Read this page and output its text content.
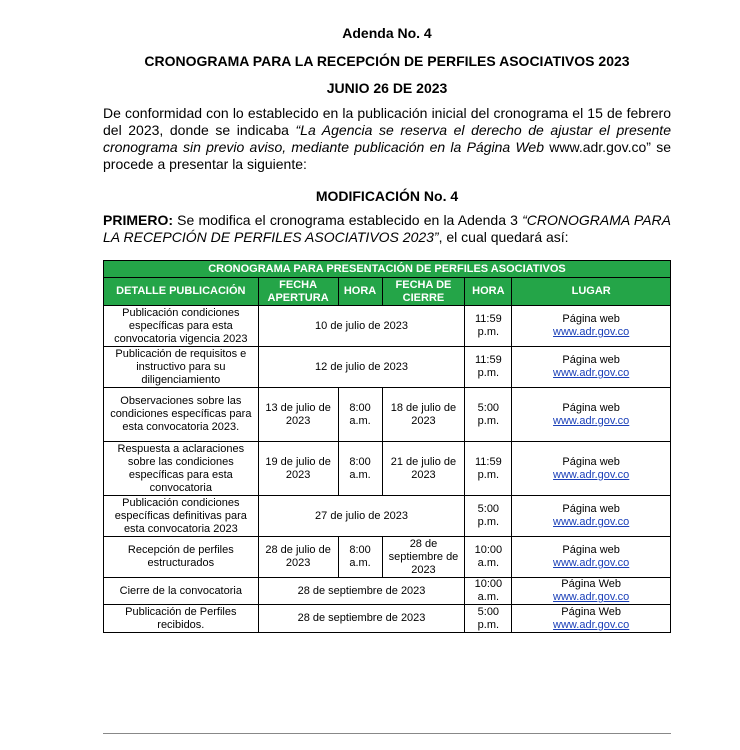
Adenda No. 4
CRONOGRAMA PARA LA RECEPCIÓN DE PERFILES ASOCIATIVOS 2023
JUNIO 26 DE 2023
De conformidad con lo establecido en la publicación inicial del cronograma el 15 de febrero del 2023, donde se indicaba “La Agencia se reserva el derecho de ajustar el presente cronograma sin previo aviso, mediante publicación en la Página Web www.adr.gov.co” se procede a presentar la siguiente:
MODIFICACIÓN No. 4
PRIMERO: Se modifica el cronograma establecido en la Adenda 3 “CRONOGRAMA PARA LA RECEPCIÓN DE PERFILES ASOCIATIVOS 2023”, el cual quedará así:
CRONOGRAMA PARA PRESENTACIÓN DE PERFILES ASOCIATIVOS					
DETALLE PUBLICACIÓN	FECHA APERTURA	HORA	FECHA DE CIERRE	HORA	LUGAR
Publicación condiciones específicas para esta convocatoria vigencia 2023	10 de julio de 2023			11:59 p.m.	Página web
www.adr.gov.co
Publicación de requisitos e instructivo para su diligenciamiento	12 de julio de 2023			11:59 p.m.	Página web
www.adr.gov.co
Observaciones sobre las condiciones específicas para esta convocatoria 2023.	13 de julio de 2023	8:00 a.m.	18 de julio de 2023	5:00 p.m.	Página web
www.adr.gov.co
Respuesta a aclaraciones sobre las condiciones específicas para esta convocatoria	19 de julio de 2023	8:00 a.m.	21 de julio de 2023	11:59 p.m.	Página web
www.adr.gov.co
Publicación condiciones específicas definitivas para esta convocatoria 2023	27 de julio de 2023			5:00 p.m.	Página web
www.adr.gov.co
Recepción de perfiles estructurados	28 de julio de 2023	8:00 a.m.	28 de septiembre de 2023	10:00 a.m.	Página web
www.adr.gov.co
Cierre de la convocatoria	28 de septiembre de 2023			10:00 a.m.	Página Web
www.adr.gov.co
Publicación de Perfiles recibidos.	28 de septiembre de 2023			5:00 p.m.	Página Web
www.adr.gov.co
